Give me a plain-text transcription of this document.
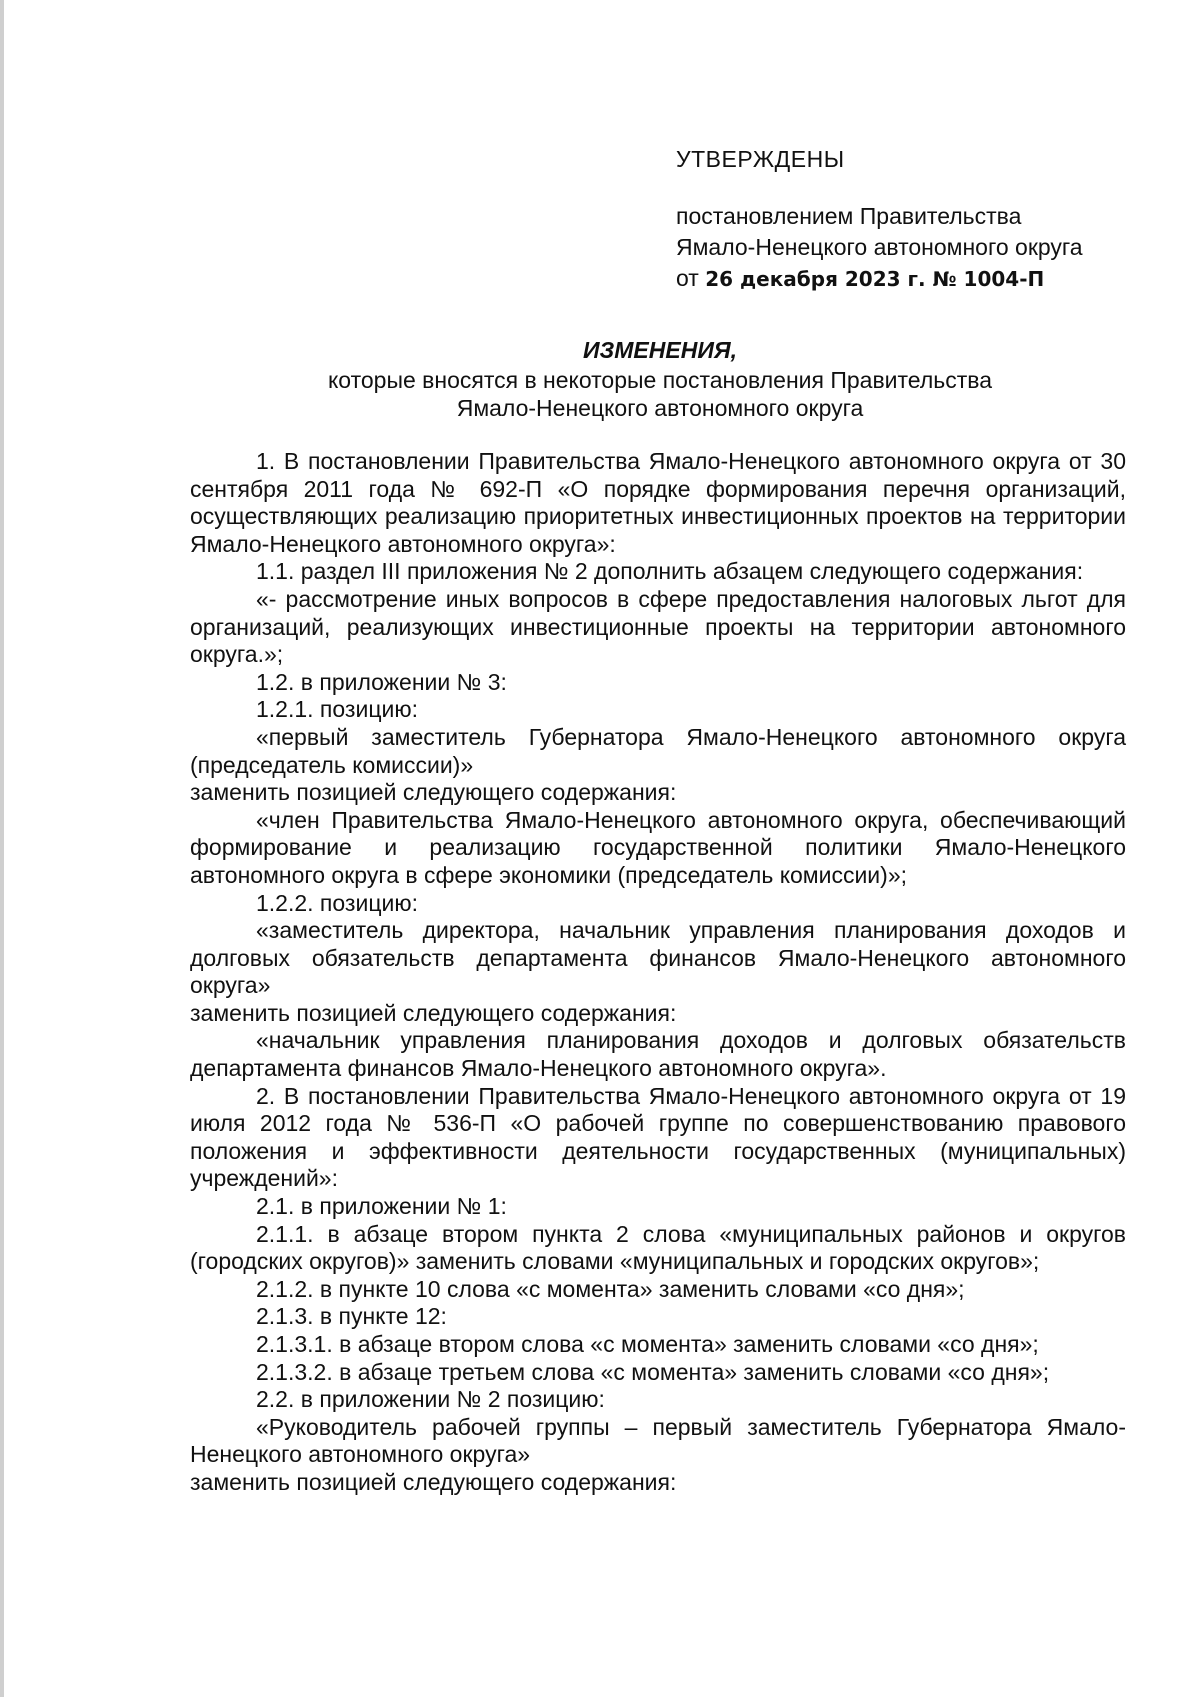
УТВЕРЖДЕНЫ
постановлением Правительства
Ямало-Ненецкого автономного округа
от 26 декабря 2023 г. № 1004-П
ИЗМЕНЕНИЯ,
которые вносятся в некоторые постановления Правительства
Ямало-Ненецкого автономного округа

1. В постановлении Правительства Ямало-Ненецкого автономного округа от 30 сентября 2011 года № 692-П «О порядке формирования перечня организаций, осуществляющих реализацию приоритетных инвестиционных проектов на территории Ямало-Ненецкого автономного округа»:

1.1. раздел III приложения № 2 дополнить абзацем следующего содержания:

«- рассмотрение иных вопросов в сфере предоставления налоговых льгот для организаций, реализующих инвестиционные проекты на территории автономного округа.»;

1.2. в приложении № 3:

1.2.1. позицию:

«первый заместитель Губернатора Ямало-Ненецкого автономного округа (председатель комиссии)»

заменить позицией следующего содержания:

«член Правительства Ямало-Ненецкого автономного округа, обеспечивающий формирование и реализацию государственной политики Ямало-Ненецкого автономного округа в сфере экономики (председатель комиссии)»;

1.2.2. позицию:

«заместитель директора, начальник управления планирования доходов и долговых обязательств департамента финансов Ямало-Ненецкого автономного округа»

заменить позицией следующего содержания:

«начальник управления планирования доходов и долговых обязательств департамента финансов Ямало-Ненецкого автономного округа».

2. В постановлении Правительства Ямало-Ненецкого автономного округа от 19 июля 2012 года № 536-П «О рабочей группе по совершенствованию правового положения и эффективности деятельности государственных (муниципальных) учреждений»:

2.1. в приложении № 1:

2.1.1. в абзаце втором пункта 2 слова «муниципальных районов и округов (городских округов)» заменить словами «муниципальных и городских округов»;

2.1.2. в пункте 10 слова «с момента» заменить словами «со дня»;

2.1.3. в пункте 12:

2.1.3.1. в абзаце втором слова «с момента» заменить словами «со дня»;

2.1.3.2. в абзаце третьем слова «с момента» заменить словами «со дня»;

2.2. в приложении № 2 позицию:

«Руководитель рабочей группы – первый заместитель Губернатора Ямало-Ненецкого автономного округа»

заменить позицией следующего содержания:
